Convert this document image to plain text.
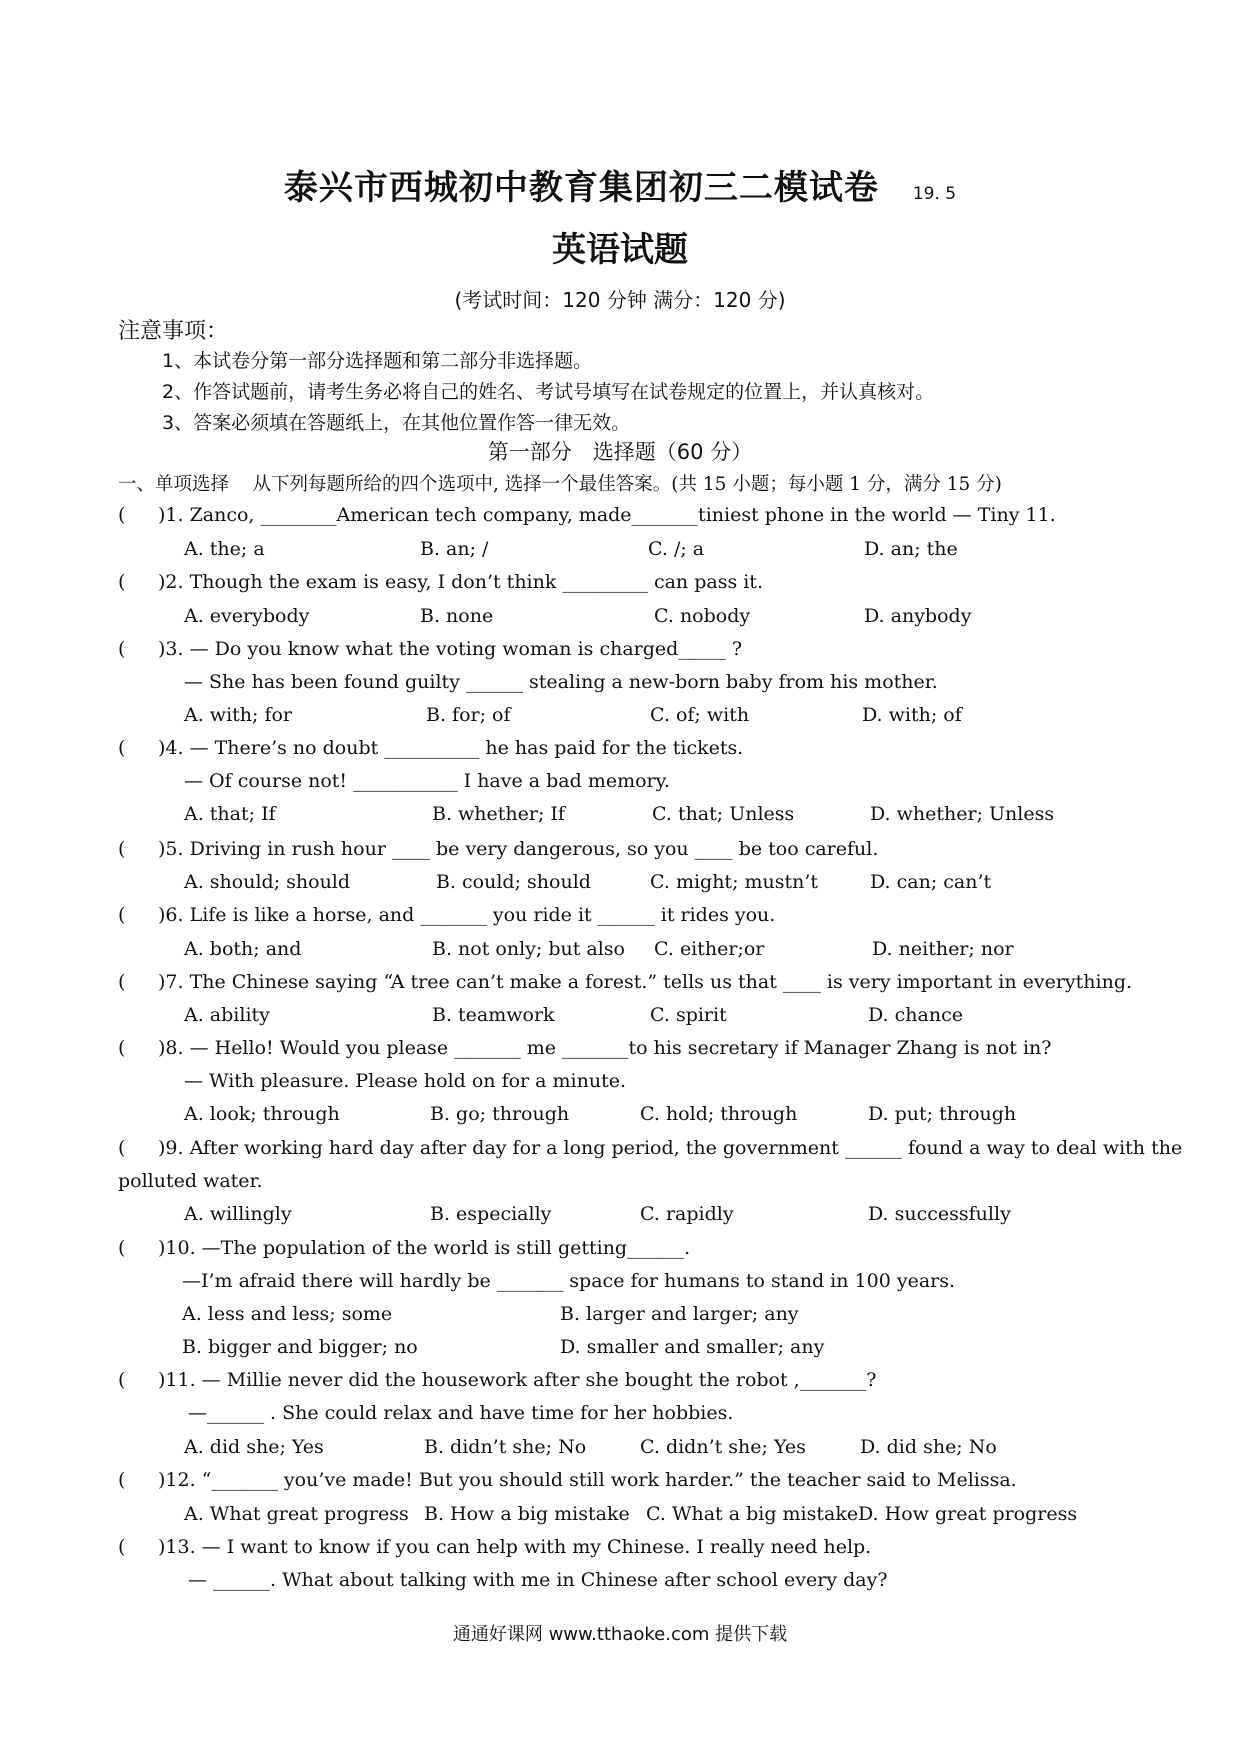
泰兴市西城初中教育集团初三二模试卷 19. 5
英语试题
(考试时间：120 分钟 满分：120 分)
注意事项：
1、本试卷分第一部分选择题和第二部分非选择题。
2、作答试题前，请考生务必将自己的姓名、考试号填写在试卷规定的位置上，并认真核对。
3、答案必须填在答题纸上，在其他位置作答一律无效。
第一部分　选择题（60 分）
一、单项选择 从下列每题所给的四个选项中, 选择一个最佳答案。(共 15 小题；每小题 1 分，满分 15 分)
( )1. Zanco, ________American tech company, made_______tiniest phone in the world — Tiny 11.
A. the; a	B. an; /	C. /; a	D. an; the
( )2. Though the exam is easy, I don’t think _________ can pass it.
A. everybody	B. none	C. nobody	D. anybody
( )3. — Do you know what the voting woman is charged_____ ?
— She has been found guilty ______ stealing a new-born baby from his mother.
A. with; for	B. for; of	C. of; with	D. with; of
( )4. — There’s no doubt __________ he has paid for the tickets.
— Of course not! ___________ I have a bad memory.
A. that; If	B. whether; If	C. that; Unless	D. whether; Unless
( )5. Driving in rush hour ____ be very dangerous, so you ____ be too careful.
A. should; should	B. could; should	C. might; mustn’t	D. can; can’t
( )6. Life is like a horse, and _______ you ride it ______ it rides you.
A. both; and	B. not only; but also C. either;or	D. neither; nor
( )7. The Chinese saying “A tree can’t make a forest.” tells us that ____ is very important in everything.
A. ability	B. teamwork	C. spirit	D. chance
( )8. — Hello! Would you please _______ me _______to his secretary if Manager Zhang is not in?
— With pleasure. Please hold on for a minute.
A. look; through	B. go; through	C. hold; through	D. put; through
( )9. After working hard day after day for a long period, the government ______ found a way to deal with the
polluted water.
A. willingly	B. especially	C. rapidly	D. successfully
( )10. —The population of the world is still getting______.
—I’m afraid there will hardly be _______ space for humans to stand in 100 years.
A. less and less; some	B. larger and larger; any
B. bigger and bigger; no	D. smaller and smaller; any
( )11. — Millie never did the housework after she bought the robot ,_______?
—______ . She could relax and have time for her hobbies.
A. did she; Yes	B. didn’t she; No	C. didn’t she; Yes	D. did she; No
( )12. “_______ you’ve made! But you should still work harder.” the teacher said to Melissa.
A. What great progress B. How a big mistake C. What a big mistake D. How great progress
( )13. — I want to know if you can help with my Chinese. I really need help.
— ______. What about talking with me in Chinese after school every day?
通通好课网 www.tthaoke.com 提供下载
